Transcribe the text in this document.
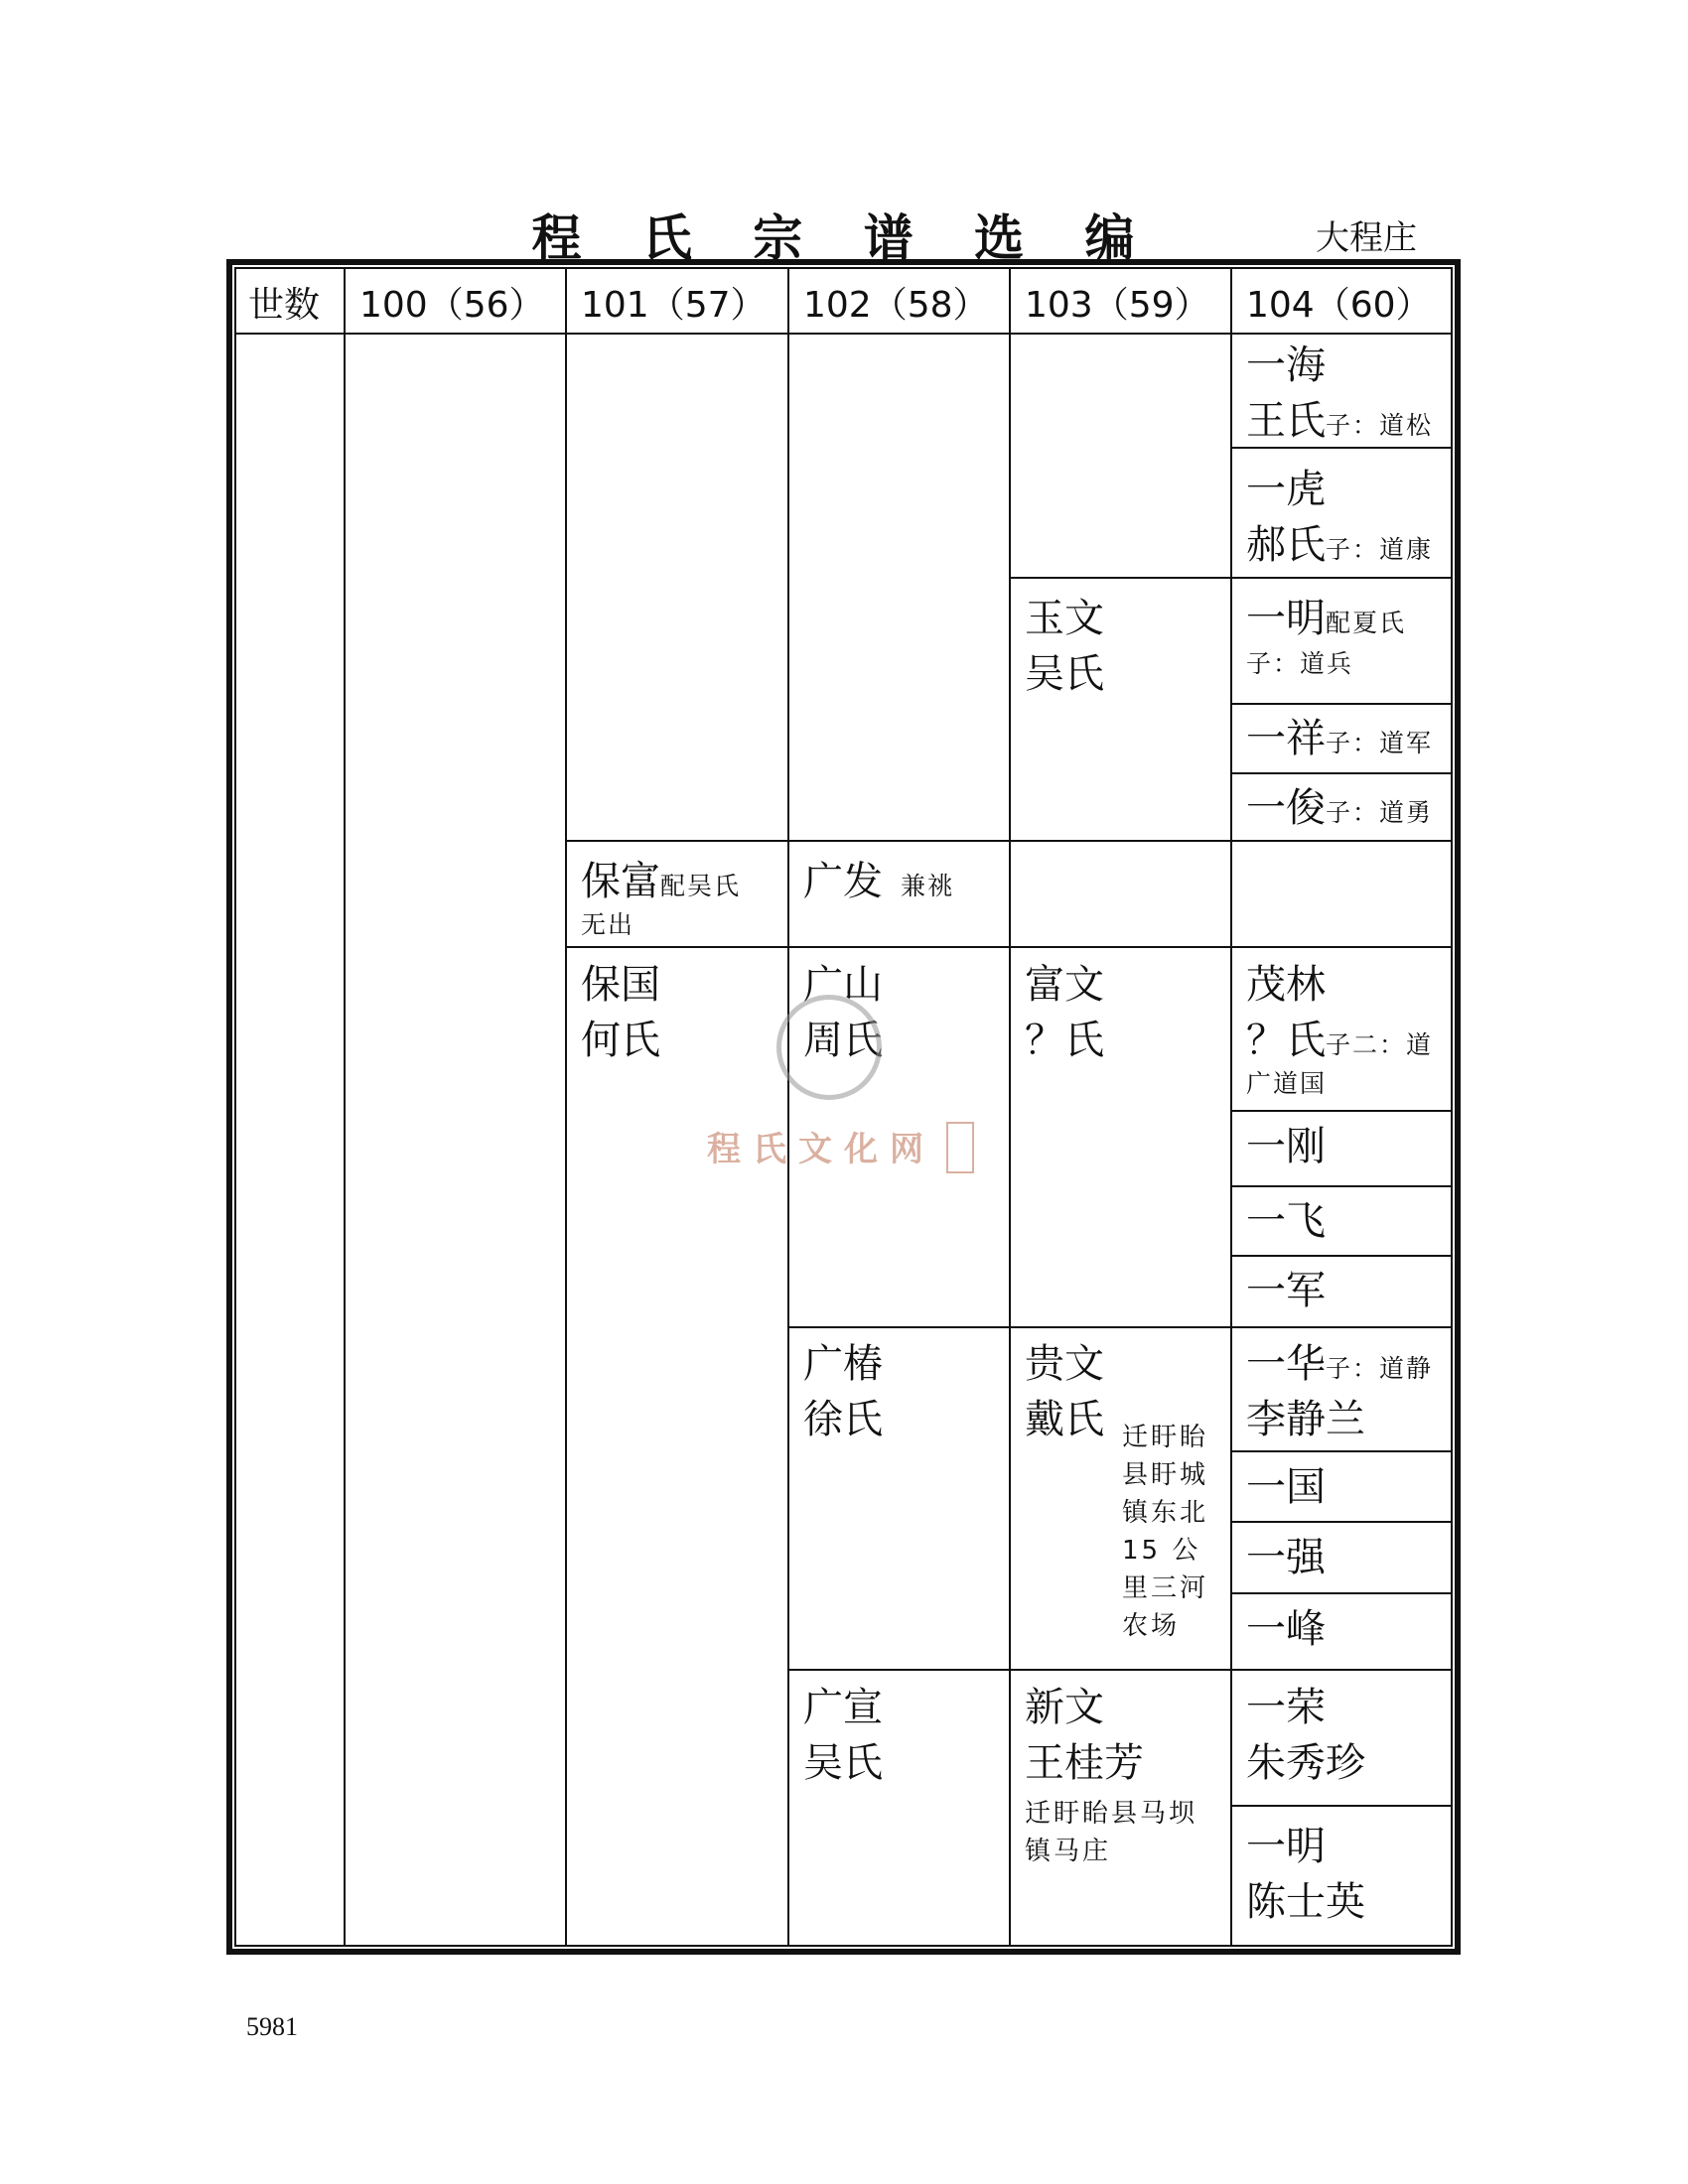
程 氏 宗 谱 选 编	大程庄
世数 100（56） 101（57） 102（58） 103（59） 104（60）
一海
王氏子：道松
一虎
郝氏子：道康
一明配夏氏
子：道兵
一祥子：道军
一俊子：道勇
茂林
？氏子二：道
广道国
一刚
一飞
一军
一华子：道静
李静兰
一国
一强
一峰
一荣
朱秀珍
一明
陈士英
玉文
吴氏
富文
？氏
贵文
戴氏 迁盱眙县盱城镇东北15 公里三河农场
新文
王桂芳
迁盱眙县马坝镇马庄
广发 兼祧
广山
周氏
广椿
徐氏
广宣
吴氏
保富配吴氏
无出
保国
何氏
程氏文化网
5981
